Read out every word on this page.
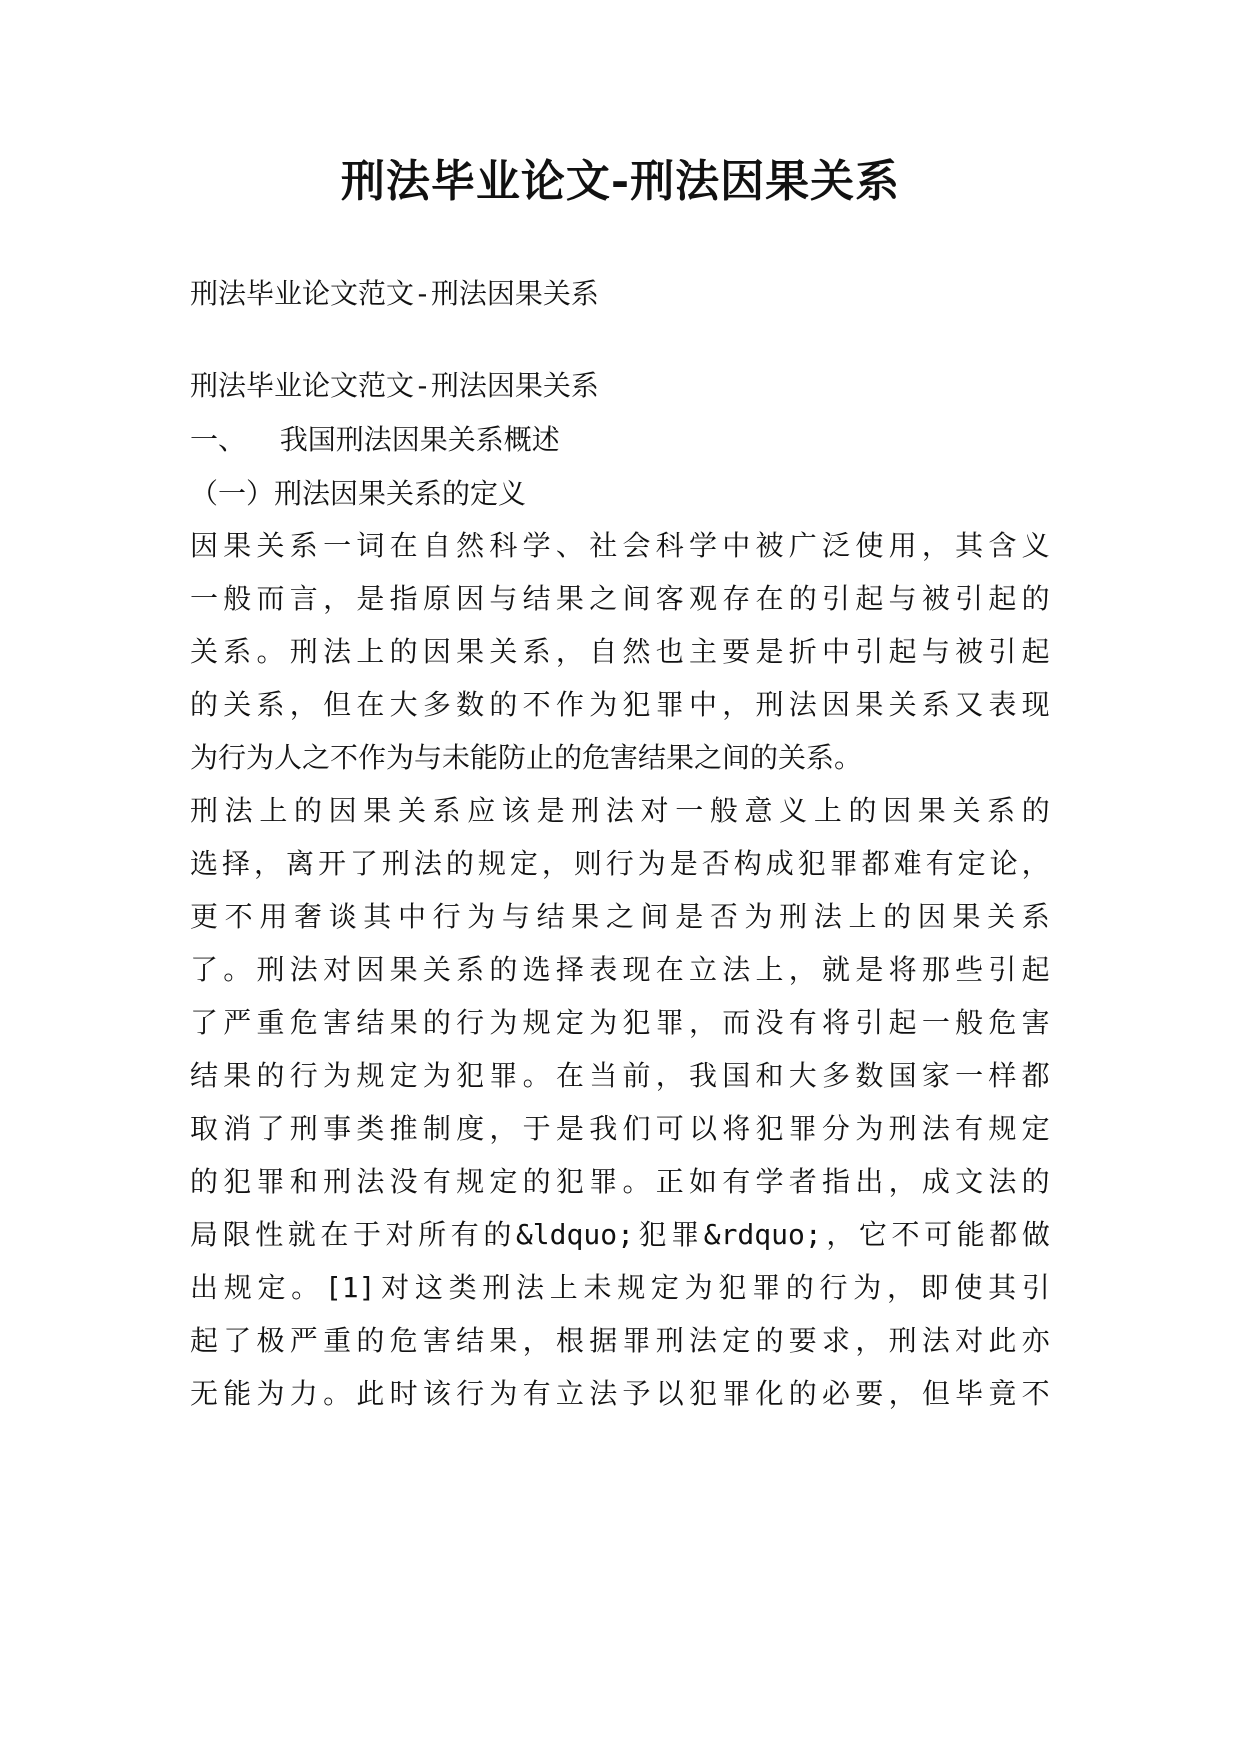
刑法毕业论文-刑法因果关系
刑法毕业论文范文-刑法因果关系
刑法毕业论文范文-刑法因果关系
一、  我国刑法因果关系概述
（一）刑法因果关系的定义
因 果 关 系 一 词 在 自 然 科 学 、 社 会 科 学 中 被 广 泛 使 用 ， 其 含 义
一 般 而 言 ， 是 指 原 因 与 结 果 之 间 客 观 存 在 的 引 起 与 被 引 起 的
关 系 。 刑 法 上 的 因 果 关 系 ， 自 然 也 主 要 是 折 中 引 起 与 被 引 起
的 关 系 ， 但 在 大 多 数 的 不 作 为 犯 罪 中 ， 刑 法 因 果 关 系 又 表 现
为行为人之不作为与未能防止的危害结果之间的关系。
刑 法 上 的 因 果 关 系 应 该 是 刑 法 对 一 般 意 义 上 的 因 果 关 系 的
选 择 ， 离 开 了 刑 法 的 规 定 ， 则 行 为 是 否 构 成 犯 罪 都 难 有 定 论 ，
更 不 用 奢 谈 其 中 行 为 与 结 果 之 间 是 否 为 刑 法 上 的 因 果 关 系
了 。 刑 法 对 因 果 关 系 的 选 择 表 现 在 立 法 上 ， 就 是 将 那 些 引 起
了 严 重 危 害 结 果 的 行 为 规 定 为 犯 罪 ， 而 没 有 将 引 起 一 般 危 害
结 果 的 行 为 规 定 为 犯 罪 。 在 当 前 ， 我 国 和 大 多 数 国 家 一 样 都
取 消 了 刑 事 类 推 制 度 ， 于 是 我 们 可 以 将 犯 罪 分 为 刑 法 有 规 定
的 犯 罪 和 刑 法 没 有 规 定 的 犯 罪 。 正 如 有 学 者 指 出 ， 成 文 法 的
局 限 性 就 在 于 对 所 有 的 &ldquo; 犯 罪 &rdquo; ， 它 不 可 能 都 做
出 规 定 。 [1] 对 这 类 刑 法 上 未 规 定 为 犯 罪 的 行 为 ， 即 使 其 引
起 了 极 严 重 的 危 害 结 果 ， 根 据 罪 刑 法 定 的 要 求 ， 刑 法 对 此 亦
无 能 为 力 。 此 时 该 行 为 有 立 法 予 以 犯 罪 化 的 必 要 ， 但 毕 竟 不
